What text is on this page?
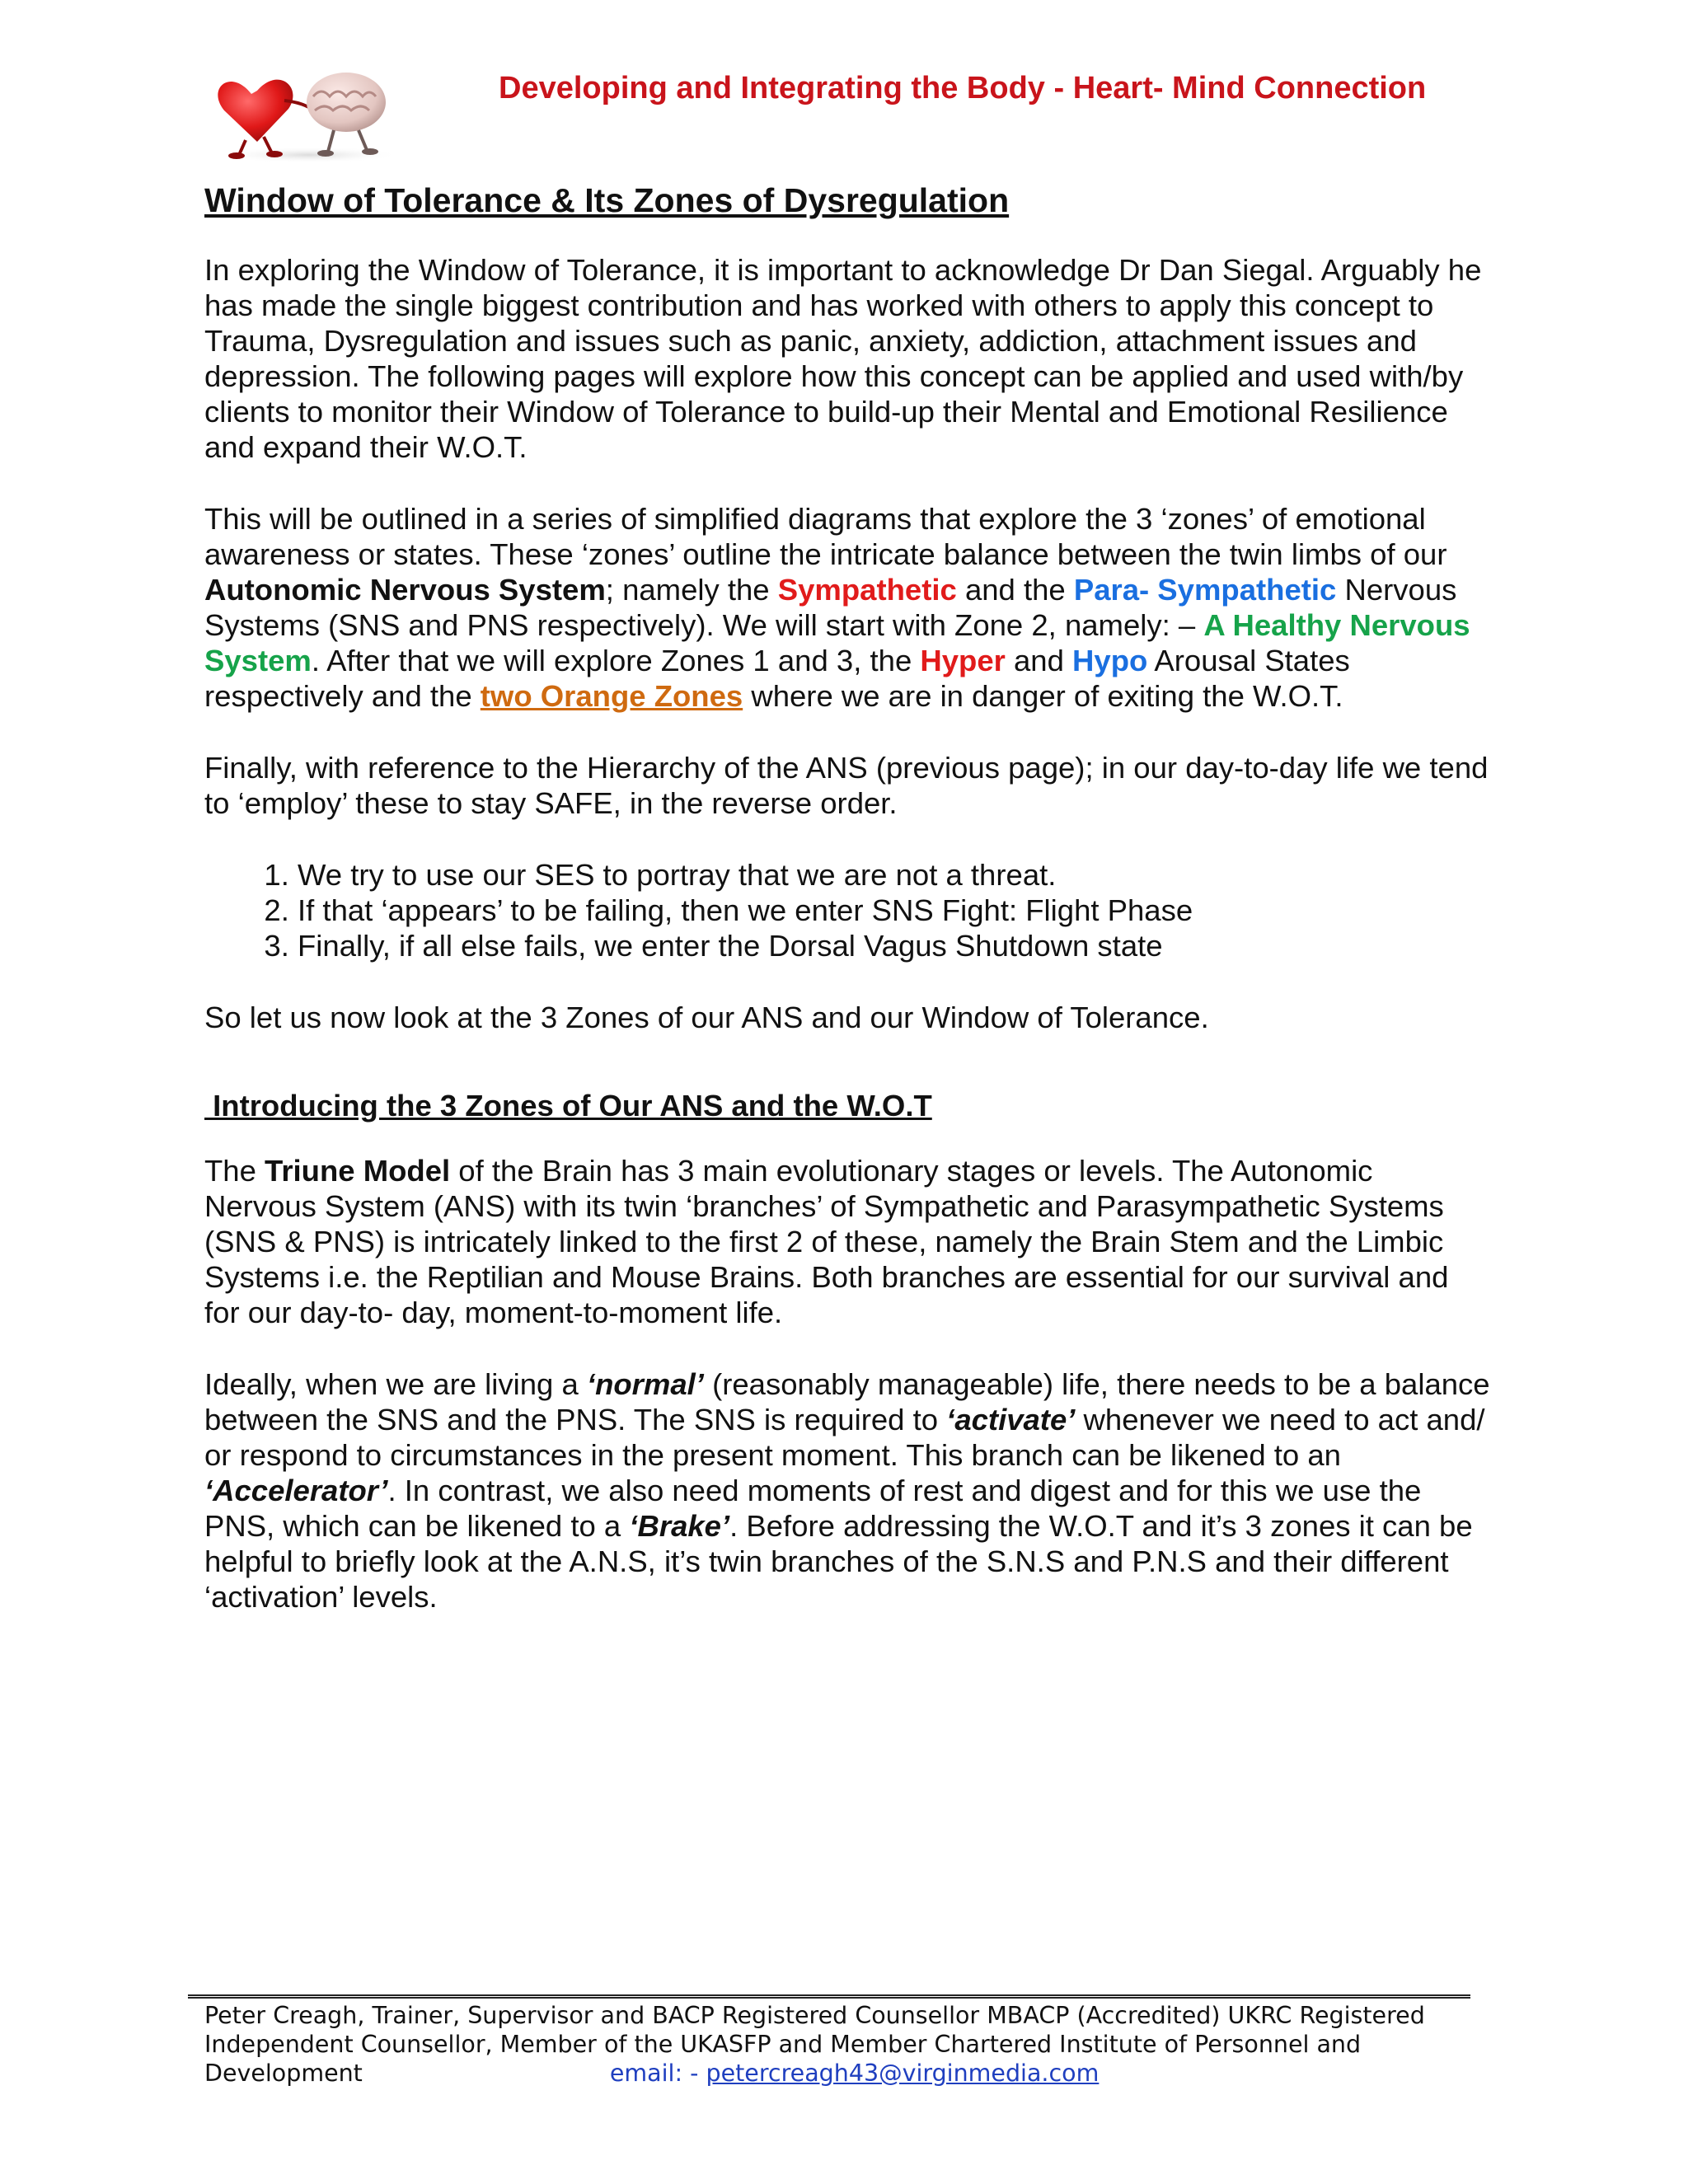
Developing and Integrating the Body - Heart- Mind Connection
Window of Tolerance & Its Zones of Dysregulation

In exploring the Window of Tolerance, it is important to acknowledge Dr Dan Siegal. Arguably he has made the single biggest contribution and has worked with others to apply this concept to Trauma, Dysregulation and issues such as panic, anxiety, addiction, attachment issues and depression. The following pages will explore how this concept can be applied and used with/by clients to monitor their Window of Tolerance to build-up their Mental and Emotional Resilience and expand their W.O.T.

This will be outlined in a series of simplified diagrams that explore the 3 ‘zones’ of emotional awareness or states. These ‘zones’ outline the intricate balance between the twin limbs of our Autonomic Nervous System; namely the Sympathetic and the Para- Sympathetic Nervous Systems (SNS and PNS respectively). We will start with Zone 2, namely: – A Healthy Nervous System. After that we will explore Zones 1 and 3, the Hyper and Hypo Arousal States respectively and the two Orange Zones where we are in danger of exiting the W.O.T.

Finally, with reference to the Hierarchy of the ANS (previous page); in our day-to-day life we tend to ‘employ’ these to stay SAFE, in the reverse order.

1. We try to use our SES to portray that we are not a threat.
2. If that ‘appears’ to be failing, then we enter SNS Fight: Flight Phase
3. Finally, if all else fails, we enter the Dorsal Vagus Shutdown state

So let us now look at the 3 Zones of our ANS and our Window of Tolerance.

Introducing the 3 Zones of Our ANS and the W.O.T

The Triune Model of the Brain has 3 main evolutionary stages or levels. The Autonomic Nervous System (ANS) with its twin ‘branches’ of Sympathetic and Parasympathetic Systems (SNS & PNS) is intricately linked to the first 2 of these, namely the Brain Stem and the Limbic Systems i.e. the Reptilian and Mouse Brains. Both branches are essential for our survival and for our day-to- day, moment-to-moment life.

Ideally, when we are living a ‘normal’ (reasonably manageable) life, there needs to be a balance between the SNS and the PNS. The SNS is required to ‘activate’ whenever we need to act and/ or respond to circumstances in the present moment. This branch can be likened to an ‘Accelerator’. In contrast, we also need moments of rest and digest and for this we use the PNS, which can be likened to a ‘Brake’. Before addressing the W.O.T and it’s 3 zones it can be helpful to briefly look at the A.N.S, it’s twin branches of the S.N.S and P.N.S and their different ‘activation’ levels.

Peter Creagh, Trainer, Supervisor and BACP Registered Counsellor MBACP (Accredited) UKRC Registered
Independent Counsellor, Member of the UKASFP and Member Chartered Institute of Personnel and
Development	email: - petercreagh43@virginmedia.com
